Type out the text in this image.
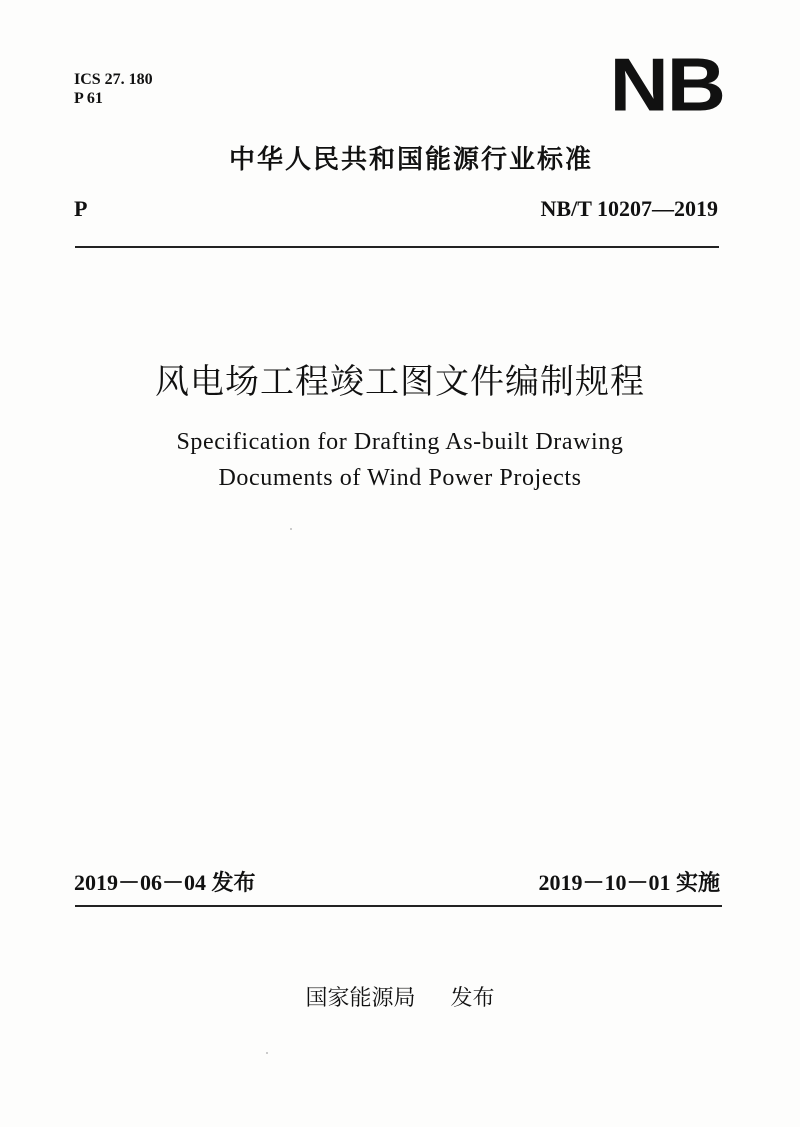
ICS 27. 180
P 61	NB
中华人民共和国能源行业标准
P	NB/T 10207—2019
风电场工程竣工图文件编制规程
Specification for Drafting As-built Drawing
Documents of Wind Power Projects
2019－06－04 发布	2019－10－01 实施
国家能源局     发布
